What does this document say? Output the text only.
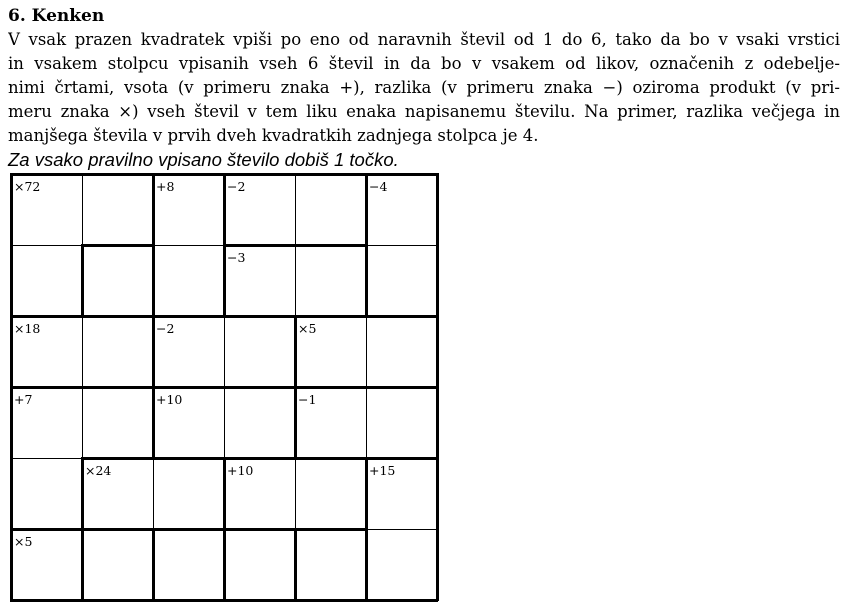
6. Kenken
V vsak prazen kvadratek vpiši po eno od naravnih števil od 1 do 6, tako da bo v vsaki vrstici
in vsakem stolpcu vpisanih vseh 6 števil in da bo v vsakem od likov, označenih z odebelje-
nimi črtami, vsota (v primeru znaka +), razlika (v primeru znaka −) oziroma produkt (v pri-
meru znaka ×) vseh števil v tem liku enaka napisanemu številu. Na primer, razlika večjega in
manjšega števila v prvih dveh kvadratkih zadnjega stolpca je 4.
Za vsako pravilno vpisano število dobiš 1 točko.
×72	+8	−2	−4
−3
×18	−2	×5
+7	+10	−1
×24	+10	+15
×5
